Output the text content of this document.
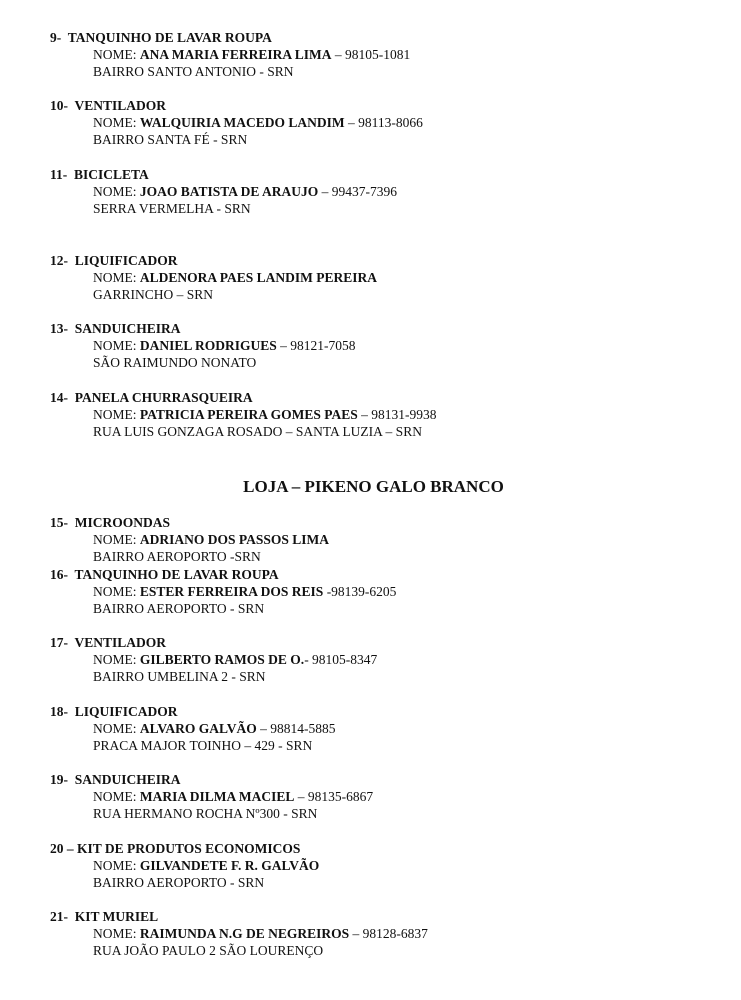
9- TANQUINHO DE LAVAR ROUPA
NOME: ANA MARIA FERREIRA LIMA – 98105-1081
BAIRRO SANTO ANTONIO - SRN
10- VENTILADOR
NOME: WALQUIRIA MACEDO LANDIM – 98113-8066
BAIRRO SANTA FÉ - SRN
11- BICICLETA
NOME: JOAO BATISTA DE ARAUJO – 99437-7396
SERRA VERMELHA - SRN
12- LIQUIFICADOR
NOME: ALDENORA PAES LANDIM PEREIRA
GARRINCHO – SRN
13- SANDUICHEIRA
NOME: DANIEL RODRIGUES – 98121-7058
SÃO RAIMUNDO NONATO
14- PANELA CHURRASQUEIRA
NOME: PATRICIA PEREIRA GOMES PAES – 98131-9938
RUA LUIS GONZAGA ROSADO – SANTA LUZIA – SRN
LOJA – PIKENO GALO BRANCO
15- MICROONDAS
NOME: ADRIANO DOS PASSOS LIMA
BAIRRO AEROPORTO -SRN
16- TANQUINHO DE LAVAR ROUPA
NOME: ESTER FERREIRA DOS REIS -98139-6205
BAIRRO AEROPORTO - SRN
17- VENTILADOR
NOME: GILBERTO RAMOS DE O.- 98105-8347
BAIRRO UMBELINA 2 - SRN
18- LIQUIFICADOR
NOME: ALVARO GALVÃO – 98814-5885
PRACA MAJOR TOINHO – 429 - SRN
19- SANDUICHEIRA
NOME: MARIA DILMA MACIEL – 98135-6867
RUA HERMANO ROCHA Nº300 - SRN
20 – KIT DE PRODUTOS ECONOMICOS
NOME: GILVANDETE F. R. GALVÃO
BAIRRO AEROPORTO - SRN
21- KIT MURIEL
NOME: RAIMUNDA N.G DE NEGREIROS – 98128-6837
RUA JOÃO PAULO 2 SÃO LOURENÇO
